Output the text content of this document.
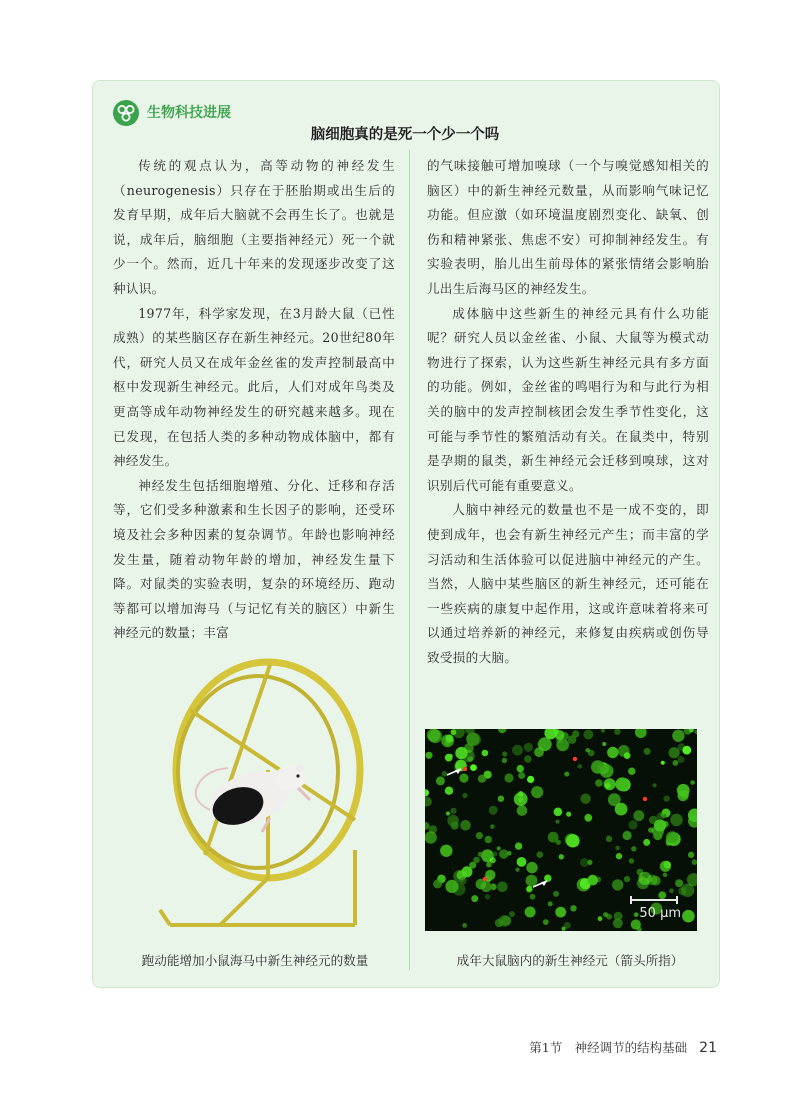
生物科技进展
脑细胞真的是死一个少一个吗

传统的观点认为，高等动物的神经发生（neurogenesis）只存在于胚胎期或出生后的发育早期，成年后大脑就不会再生长了。也就是说，成年后，脑细胞（主要指神经元）死一个就少一个。然而，近几十年来的发现逐步改变了这种认识。

1977年，科学家发现，在3月龄大鼠（已性成熟）的某些脑区存在新生神经元。20世纪80年代，研究人员又在成年金丝雀的发声控制最高中枢中发现新生神经元。此后，人们对成年鸟类及更高等成年动物神经发生的研究越来越多。现在已发现，在包括人类的多种动物成体脑中，都有神经发生。

神经发生包括细胞增殖、分化、迁移和存活等，它们受多种激素和生长因子的影响，还受环境及社会多种因素的复杂调节。年龄也影响神经发生量，随着动物年龄的增加，神经发生量下降。对鼠类的实验表明，复杂的环境经历、跑动等都可以增加海马（与记忆有关的脑区）中新生神经元的数量；丰富

的气味接触可增加嗅球（一个与嗅觉感知相关的脑区）中的新生神经元数量，从而影响气味记忆功能。但应激（如环境温度剧烈变化、缺氧、创伤和精神紧张、焦虑不安）可抑制神经发生。有实验表明，胎儿出生前母体的紧张情绪会影响胎儿出生后海马区的神经发生。

成体脑中这些新生的神经元具有什么功能呢？研究人员以金丝雀、小鼠、大鼠等为模式动物进行了探索，认为这些新生神经元具有多方面的功能。例如，金丝雀的鸣唱行为和与此行为相关的脑中的发声控制核团会发生季节性变化，这可能与季节性的繁殖活动有关。在鼠类中，特别是孕期的鼠类，新生神经元会迁移到嗅球，这对识别后代可能有重要意义。

人脑中神经元的数量也不是一成不变的，即使到成年，也会有新生神经元产生；而丰富的学习活动和生活体验可以促进脑中神经元的产生。当然，人脑中某些脑区的新生神经元，还可能在一些疾病的康复中起作用，这或许意味着将来可以通过培养新的神经元，来修复由疾病或创伤导致受损的大脑。

50 μm
跑动能增加小鼠海马中新生神经元的数量	成年大鼠脑内的新生神经元（箭头所指）
第1节　神经调节的结构基础 21
